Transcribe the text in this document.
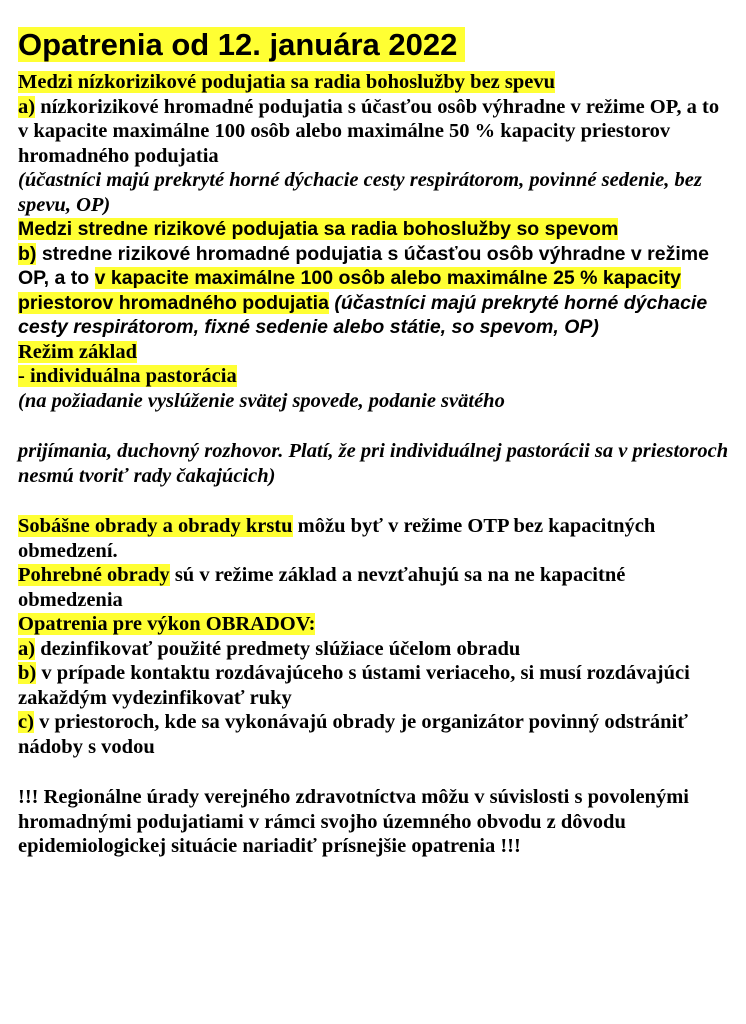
Opatrenia od 12. januára 2022

Medzi nízkorizikové podujatia sa radia bohoslužby bez spevu

a) nízkorizikové hromadné podujatia s účasťou osôb výhradne v režime OP, a to v kapacite maximálne 100 osôb alebo maximálne 50 % kapacity priestorov hromadného podujatia

(účastníci majú prekryté horné dýchacie cesty respirátorom, povinné sedenie, bez spevu, OP)

Medzi stredne rizikové podujatia sa radia bohoslužby so spevom

b) stredne rizikové hromadné podujatia s účasťou osôb výhradne v režime OP, a to v kapacite maximálne 100 osôb alebo maximálne 25 % kapacity priestorov hromadného podujatia (účastníci majú prekryté horné dýchacie cesty respirátorom, fixné sedenie alebo státie, so spevom, OP)

Režim základ

- individuálna pastorácia

(na požiadanie vyslúženie svätej spovede, podanie svätého

prijímania, duchovný rozhovor. Platí, že pri individuálnej pastorácii sa v priestoroch nesmú tvoriť rady čakajúcich)

Sobášne obrady a obrady krstu môžu byť v režime OTP bez kapacitných obmedzení.

Pohrebné obrady sú v režime základ a nevzťahujú sa na ne kapacitné obmedzenia

Opatrenia pre výkon OBRADOV:

a) dezinfikovať použité predmety slúžiace účelom obradu

b) v prípade kontaktu rozdávajúceho s ústami veriaceho, si musí rozdávajúci zakaždým vydezinfikovať ruky

c) v priestoroch, kde sa vykonávajú obrady je organizátor povinný odstrániť nádoby s vodou

!!! Regionálne úrady verejného zdravotníctva môžu v súvislosti s povolenými hromadnými podujatiami v rámci svojho územného obvodu z dôvodu epidemiologickej situácie nariadiť prísnejšie opatrenia !!!
